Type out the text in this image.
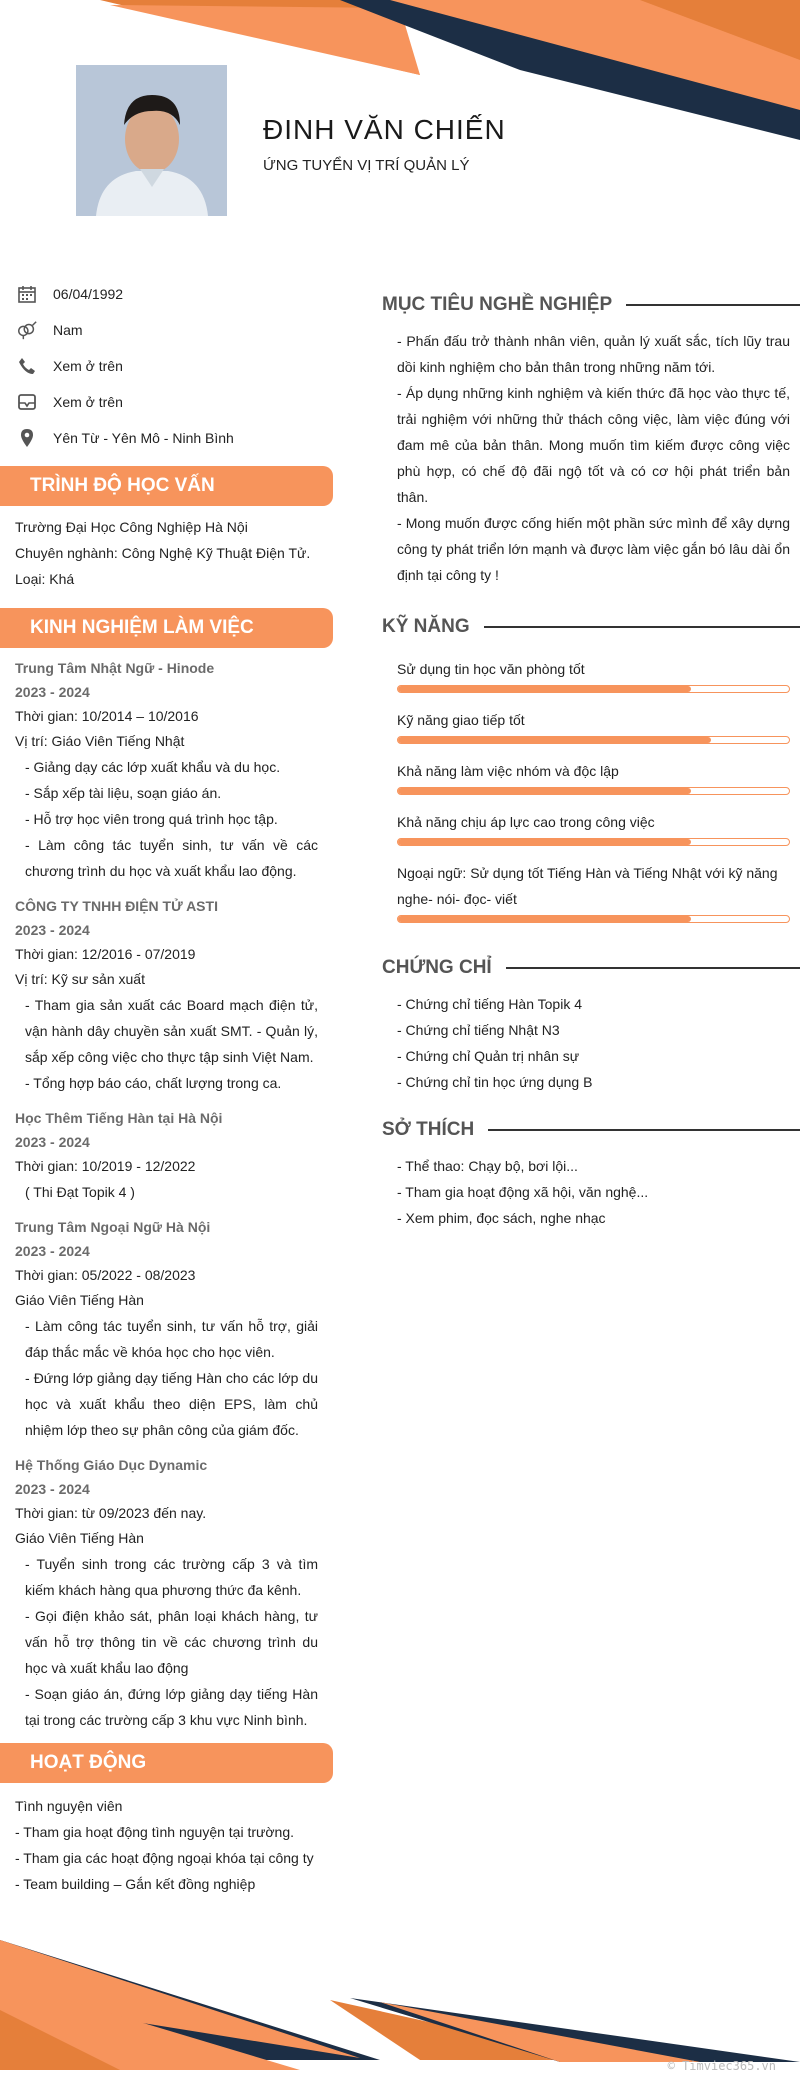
ĐINH VĂN CHIẾN
ỨNG TUYỂN VỊ TRÍ QUẢN LÝ
06/04/1992
Nam
Xem ở trên
Xem ở trên
Yên Từ - Yên Mô - Ninh Bình
TRÌNH ĐỘ HỌC VẤN
Trường Đại Học Công Nghiệp Hà Nội
Chuyên nghành: Công Nghệ Kỹ Thuật Điện Tử.
Loại: Khá
KINH NGHIỆM LÀM VIỆC
Trung Tâm Nhật Ngữ - Hinode
2023 - 2024
Thời gian: 10/2014 – 10/2016
Vị trí: Giáo Viên Tiếng Nhật
- Giảng dạy các lớp xuất khẩu và du học.
- Sắp xếp tài liệu, soạn giáo án.
- Hỗ trợ học viên trong quá trình học tập.
- Làm công tác tuyển sinh, tư vấn về các chương trình du học và xuất khẩu lao động.
CÔNG TY TNHH ĐIỆN TỬ ASTI
2023 - 2024
Thời gian: 12/2016 - 07/2019
Vị trí: Kỹ sư sản xuất
- Tham gia sản xuất các Board mạch điện tử, vận hành dây chuyền sản xuất SMT. - Quản lý, sắp xếp công việc cho thực tập sinh Việt Nam.
- Tổng hợp báo cáo, chất lượng trong ca.
Học Thêm Tiếng Hàn tại Hà Nội
2023 - 2024
Thời gian: 10/2019 - 12/2022
( Thi Đạt Topik 4 )
Trung Tâm Ngoại Ngữ Hà Nội
2023 - 2024
Thời gian: 05/2022 - 08/2023
Giáo Viên Tiếng Hàn
- Làm công tác tuyển sinh, tư vấn hỗ trợ, giải đáp thắc mắc về khóa học cho học viên.
- Đứng lớp giảng dạy tiếng Hàn cho các lớp du học và xuất khẩu theo diện EPS, làm chủ nhiệm lớp theo sự phân công của giám đốc.
Hệ Thống Giáo Dục Dynamic
2023 - 2024
Thời gian: từ 09/2023 đến nay.
Giáo Viên Tiếng Hàn
- Tuyển sinh trong các trường cấp 3 và tìm kiếm khách hàng qua phương thức đa kênh.
- Gọi điện khảo sát, phân loại khách hàng, tư vấn hỗ trợ thông tin về các chương trình du học và xuất khẩu lao động
- Soạn giáo án, đứng lớp giảng dạy tiếng Hàn tại trong các trường cấp 3 khu vực Ninh bình.
HOẠT ĐỘNG
Tình nguyện viên
- Tham gia hoạt động tình nguyện tại trường.
- Tham gia các hoạt động ngoại khóa tại công ty
- Team building – Gắn kết đồng nghiệp
MỤC TIÊU NGHỀ NGHIỆP
- Phấn đấu trở thành nhân viên, quản lý xuất sắc, tích lũy trau dồi kinh nghiệm cho bản thân trong những năm tới.
- Áp dụng những kinh nghiệm và kiến thức đã học vào thực tế, trải nghiệm với những thử thách công việc, làm việc đúng với đam mê của bản thân. Mong muốn tìm kiếm được công việc phù hợp, có chế độ đãi ngộ tốt và có cơ hội phát triển bản thân.
- Mong muốn được cống hiến một phần sức mình để xây dựng công ty phát triển lớn mạnh và được làm việc gắn bó lâu dài ổn định tại công ty !
KỸ NĂNG
Sử dụng tin học văn phòng tốt
Kỹ năng giao tiếp tốt
Khả năng làm việc nhóm và độc lập
Khả năng chịu áp lực cao trong công việc
Ngoại ngữ: Sử dụng tốt Tiếng Hàn và Tiếng Nhật với kỹ năng nghe- nói- đọc- viết
CHỨNG CHỈ
- Chứng chỉ tiếng Hàn Topik 4
- Chứng chỉ tiếng Nhật N3
- Chứng chỉ Quản trị nhân sự
- Chứng chỉ tin học ứng dụng B
SỞ THÍCH
- Thể thao: Chạy bộ, bơi lội...
- Tham gia hoạt động xã hội, văn nghệ...
- Xem phim, đọc sách, nghe nhạc
© Timviec365.vn
